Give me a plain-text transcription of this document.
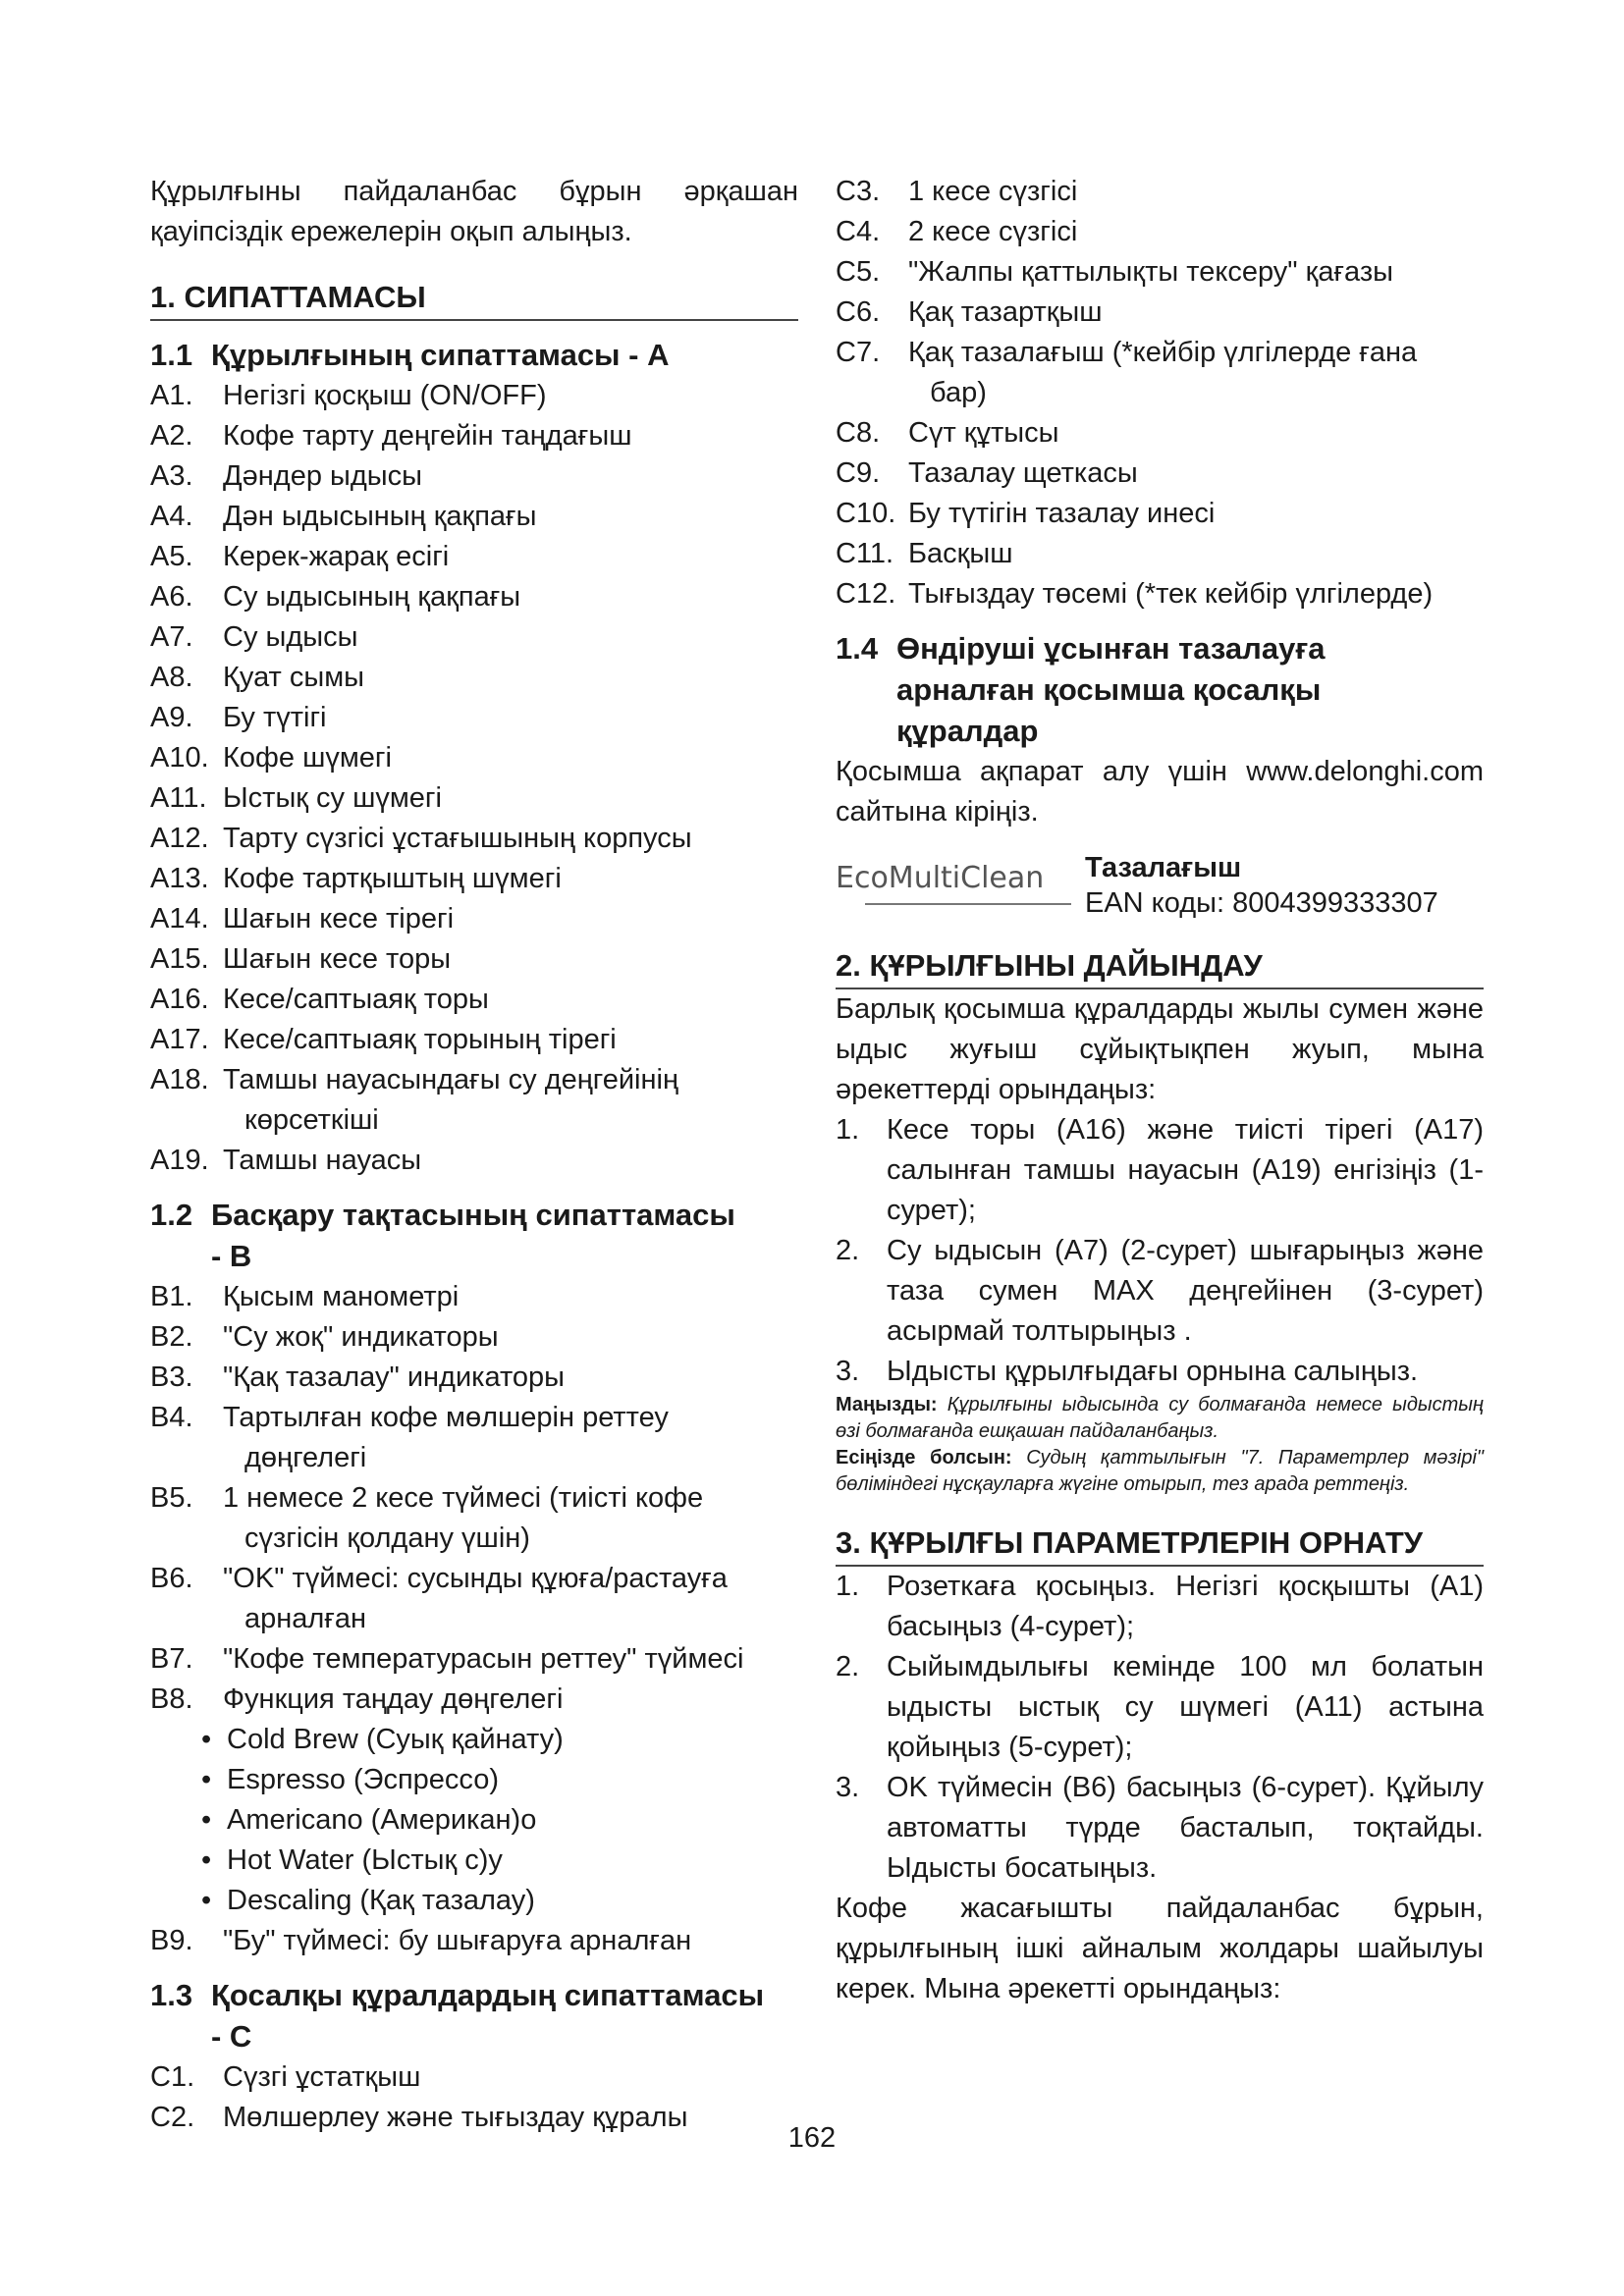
Құрылғыны пайдаланбас бұрын әрқашан қауіпсіздік ережелерін оқып алыңыз.

1. СИПАТТАМАСЫ
1.1 Құрылғының сипаттамасы - А
A1.	Негізгі қосқыш (ON/OFF)
A2.	Кофе тарту деңгейін таңдағыш
A3.	Дәндер ыдысы
A4.	Дән ыдысының қақпағы
A5.	Керек-жарақ есігі
A6.	Су ыдысының қақпағы
A7.	Су ыдысы
A8.	Қуат сымы
A9.	Бу түтігі
A10. Кофе шүмегі
A11. Ыстық су шүмегі
A12. Тарту сүзгісі ұстағышының корпусы
A13. Кофе тартқыштың шүмегі
A14. Шағын кесе тірегі
A15. Шағын кесе торы
A16. Кесе/саптыаяқ торы
A17. Кесе/саптыаяқ торының тірегі
A18. Тамшы науасындағы су деңгейінің
көрсеткіші
A19. Тамшы науасы
1.2 Басқару тақтасының сипаттамасы
- B
B1.	Қысым манометрі
B2.	"Су жоқ" индикаторы
B3.	"Қақ тазалау" индикаторы
B4.	Тартылған кофе мөлшерін реттеу
дөңгелегі
B5.	1 немесе 2 кесе түймесі (тиісті кофе
сүзгісін қолдану үшін)
B6.	"OK" түймесі: сусынды құюға/растауға
арналған
B7.	"Кофе температурасын реттеу" түймесі
B8.	Функция таңдау дөңгелегі
• Cold Brew (Суық қайнату)
• Espresso (Эспрессо)
• Americano (Американ)о
• Hot Water (Ыстық с)у
• Descaling (Қақ тазалау)
B9.	"Бу" түймесі: бу шығаруға арналған
1.3 Қосалқы құралдардың сипаттамасы
- C
C1. Сүзгі ұстатқыш
C2. Мөлшерлеу және тығыздау құралы
C3. 1 кесе сүзгісі
C4. 2 кесе сүзгісі
C5. "Жалпы қаттылықты тексеру" қағазы
C6. Қақ тазартқыш
C7. Қақ тазалағыш (*кейбір үлгілерде ғана
бар)
C8. Сүт құтысы
C9. Тазалау щеткасы
C10. Бу түтігін тазалау инесі
C11. Басқыш
C12. Тығыздау төсемі (*тек кейбір үлгілерде)
1.4 Өндіруші ұсынған тазалауға
арналған қосымша қосалқы
құралдар

Қосымша ақпарат алу үшін www.delonghi.com сайтына кіріңіз.

EcoMultiClean Тазалағыш
EAN коды: 8004399333307
2. ҚҰРЫЛҒЫНЫ ДАЙЫНДАУ

Барлық қосымша құралдарды жылы сумен және ыдыс жуғыш сұйықтықпен жуып, мына әрекеттерді орындаңыз:

1. Кесе торы (A16) және тиісті тірегі (A17) салынған тамшы науасын (A19) енгізіңіз (1-сурет);
2. Су ыдысын (A7) (2-сурет) шығарыңыз және таза сумен MAX деңгейінен (3-сурет) асырмай толтырыңыз .
3. Ыдысты құрылғыдағы орнына салыңыз.

Маңызды: Құрылғыны ыдысында су болмағанда немесе ыдыстың өзі болмағанда ешқашан пайдаланбаңыз.

Есіңізде болсын: Судың қаттылығын "7. Параметрлер мәзірі" бөліміндегі нұсқауларға жүгіне отырып, тез арада реттеңіз.

3. ҚҰРЫЛҒЫ ПАРАМЕТРЛЕРІН ОРНАТУ
1. Розеткаға қосыңыз. Негізгі қосқышты (A1) басыңыз (4-сурет);
2. Сыйымдылығы кемінде 100 мл болатын ыдысты ыстық су шүмегі (A11) астына қойыңыз (5-сурет);
3. OK түймесін (B6) басыңыз (6-сурет). Құйылу автоматты түрде басталып, тоқтайды. Ыдысты босатыңыз.

Кофе жасағышты пайдаланбас бұрын, құрылғының ішкі айналым жолдары шайылуы керек. Мына әрекетті орындаңыз:

162
